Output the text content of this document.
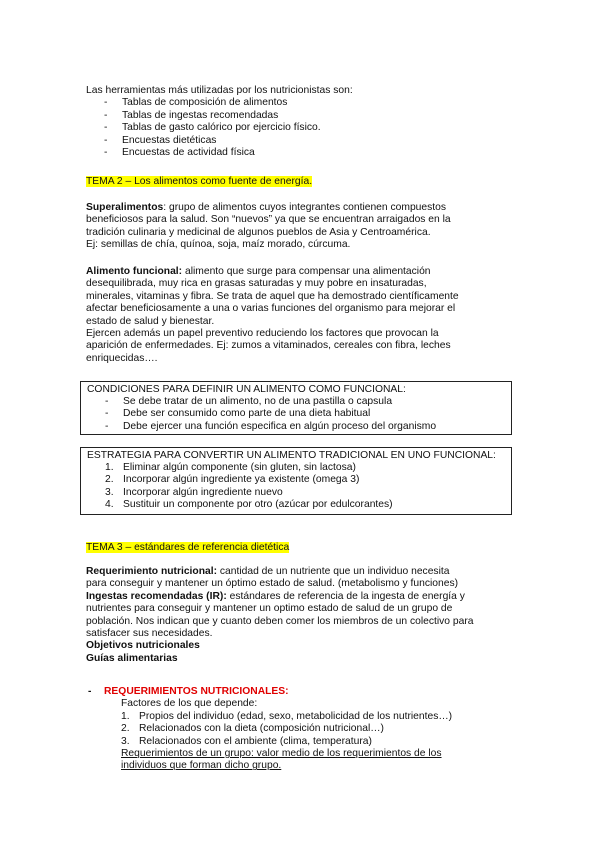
Las herramientas más utilizadas por los nutricionistas son:
- Tablas de composición de alimentos
- Tablas de ingestas recomendadas
- Tablas de gasto calórico por ejercicio físico.
- Encuestas dietéticas
- Encuestas de actividad física
TEMA 2 – Los alimentos como fuente de energía.
Superalimentos: grupo de alimentos cuyos integrantes contienen compuestos
beneficiosos para la salud. Son “nuevos” ya que se encuentran arraigados en la
tradición culinaria y medicinal de algunos pueblos de Asia y Centroamérica.
Ej: semillas de chía, quínoa, soja, maíz morado, cúrcuma.
Alimento funcional: alimento que surge para compensar una alimentación
desequilibrada, muy rica en grasas saturadas y muy pobre en insaturadas,
minerales, vitaminas y fibra. Se trata de aquel que ha demostrado científicamente
afectar beneficiosamente a una o varias funciones del organismo para mejorar el
estado de salud y bienestar.
Ejercen además un papel preventivo reduciendo los factores que provocan la
aparición de enfermedades. Ej: zumos a vitaminados, cereales con fibra, leches
enriquecidas….
CONDICIONES PARA DEFINIR UN ALIMENTO COMO FUNCIONAL:
- Se debe tratar de un alimento, no de una pastilla o capsula
- Debe ser consumido como parte de una dieta habitual
- Debe ejercer una función especifica en algún proceso del organismo
ESTRATEGIA PARA CONVERTIR UN ALIMENTO TRADICIONAL EN UNO FUNCIONAL:
1. Eliminar algún componente (sin gluten, sin lactosa)
2. Incorporar algún ingrediente ya existente (omega 3)
3. Incorporar algún ingrediente nuevo
4. Sustituir un componente por otro (azúcar por edulcorantes)
TEMA 3 – estándares de referencia dietética
Requerimiento nutricional: cantidad de un nutriente que un individuo necesita
para conseguir y mantener un óptimo estado de salud. (metabolismo y funciones)
Ingestas recomendadas (IR): estándares de referencia de la ingesta de energía y
nutrientes para conseguir y mantener un optimo estado de salud de un grupo de
población. Nos indican que y cuanto deben comer los miembros de un colectivo para
satisfacer sus necesidades.
Objetivos nutricionales
Guías alimentarias
- REQUERIMIENTOS NUTRICIONALES:
Factores de los que depende:
1. Propios del individuo (edad, sexo, metabolicidad de los nutrientes…)
2. Relacionados con la dieta (composición nutricional…)
3. Relacionados con el ambiente (clima, temperatura)
Requerimientos de un grupo: valor medio de los requerimientos de los
individuos que forman dicho grupo.
